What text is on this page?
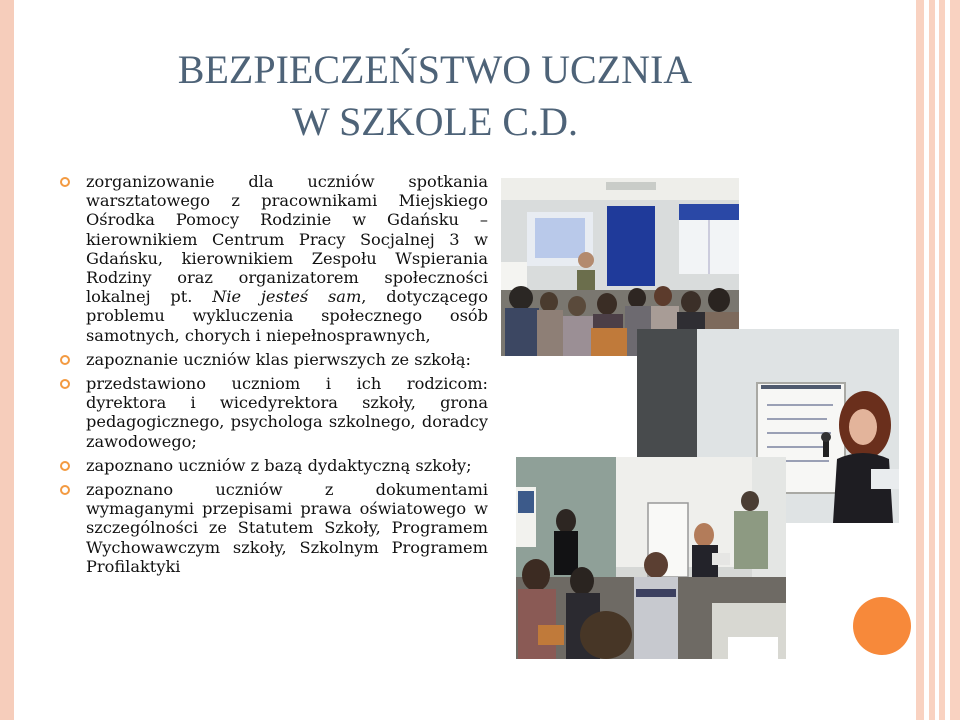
BEZPIECZEŃSTWO UCZNIA
W SZKOLE C.D.
zorganizowanie dla uczniów spotkania warsztatowego z pracownikami Miejskiego Ośrodka Pomocy Rodzinie w Gdańsku – kierownikiem Centrum Pracy Socjalnej 3 w Gdańsku, kierownikiem Zespołu Wspierania Rodziny oraz organizatorem społeczności lokalnej pt. Nie jesteś sam, dotyczącego problemu wykluczenia społecznego osób samotnych, chorych i niepełnosprawnych,
zapoznanie uczniów klas pierwszych ze szkołą:
przedstawiono uczniom i ich rodzicom: dyrektora i wicedyrektora szkoły, grona pedagogicznego, psychologa szkolnego, doradcy zawodowego;
zapoznano uczniów z bazą dydaktyczną szkoły;
zapoznano uczniów z dokumentami wymaganymi przepisami prawa oświatowego w szczególności ze Statutem Szkoły, Programem Wychowawczym szkoły, Szkolnym Programem Profilaktyki
